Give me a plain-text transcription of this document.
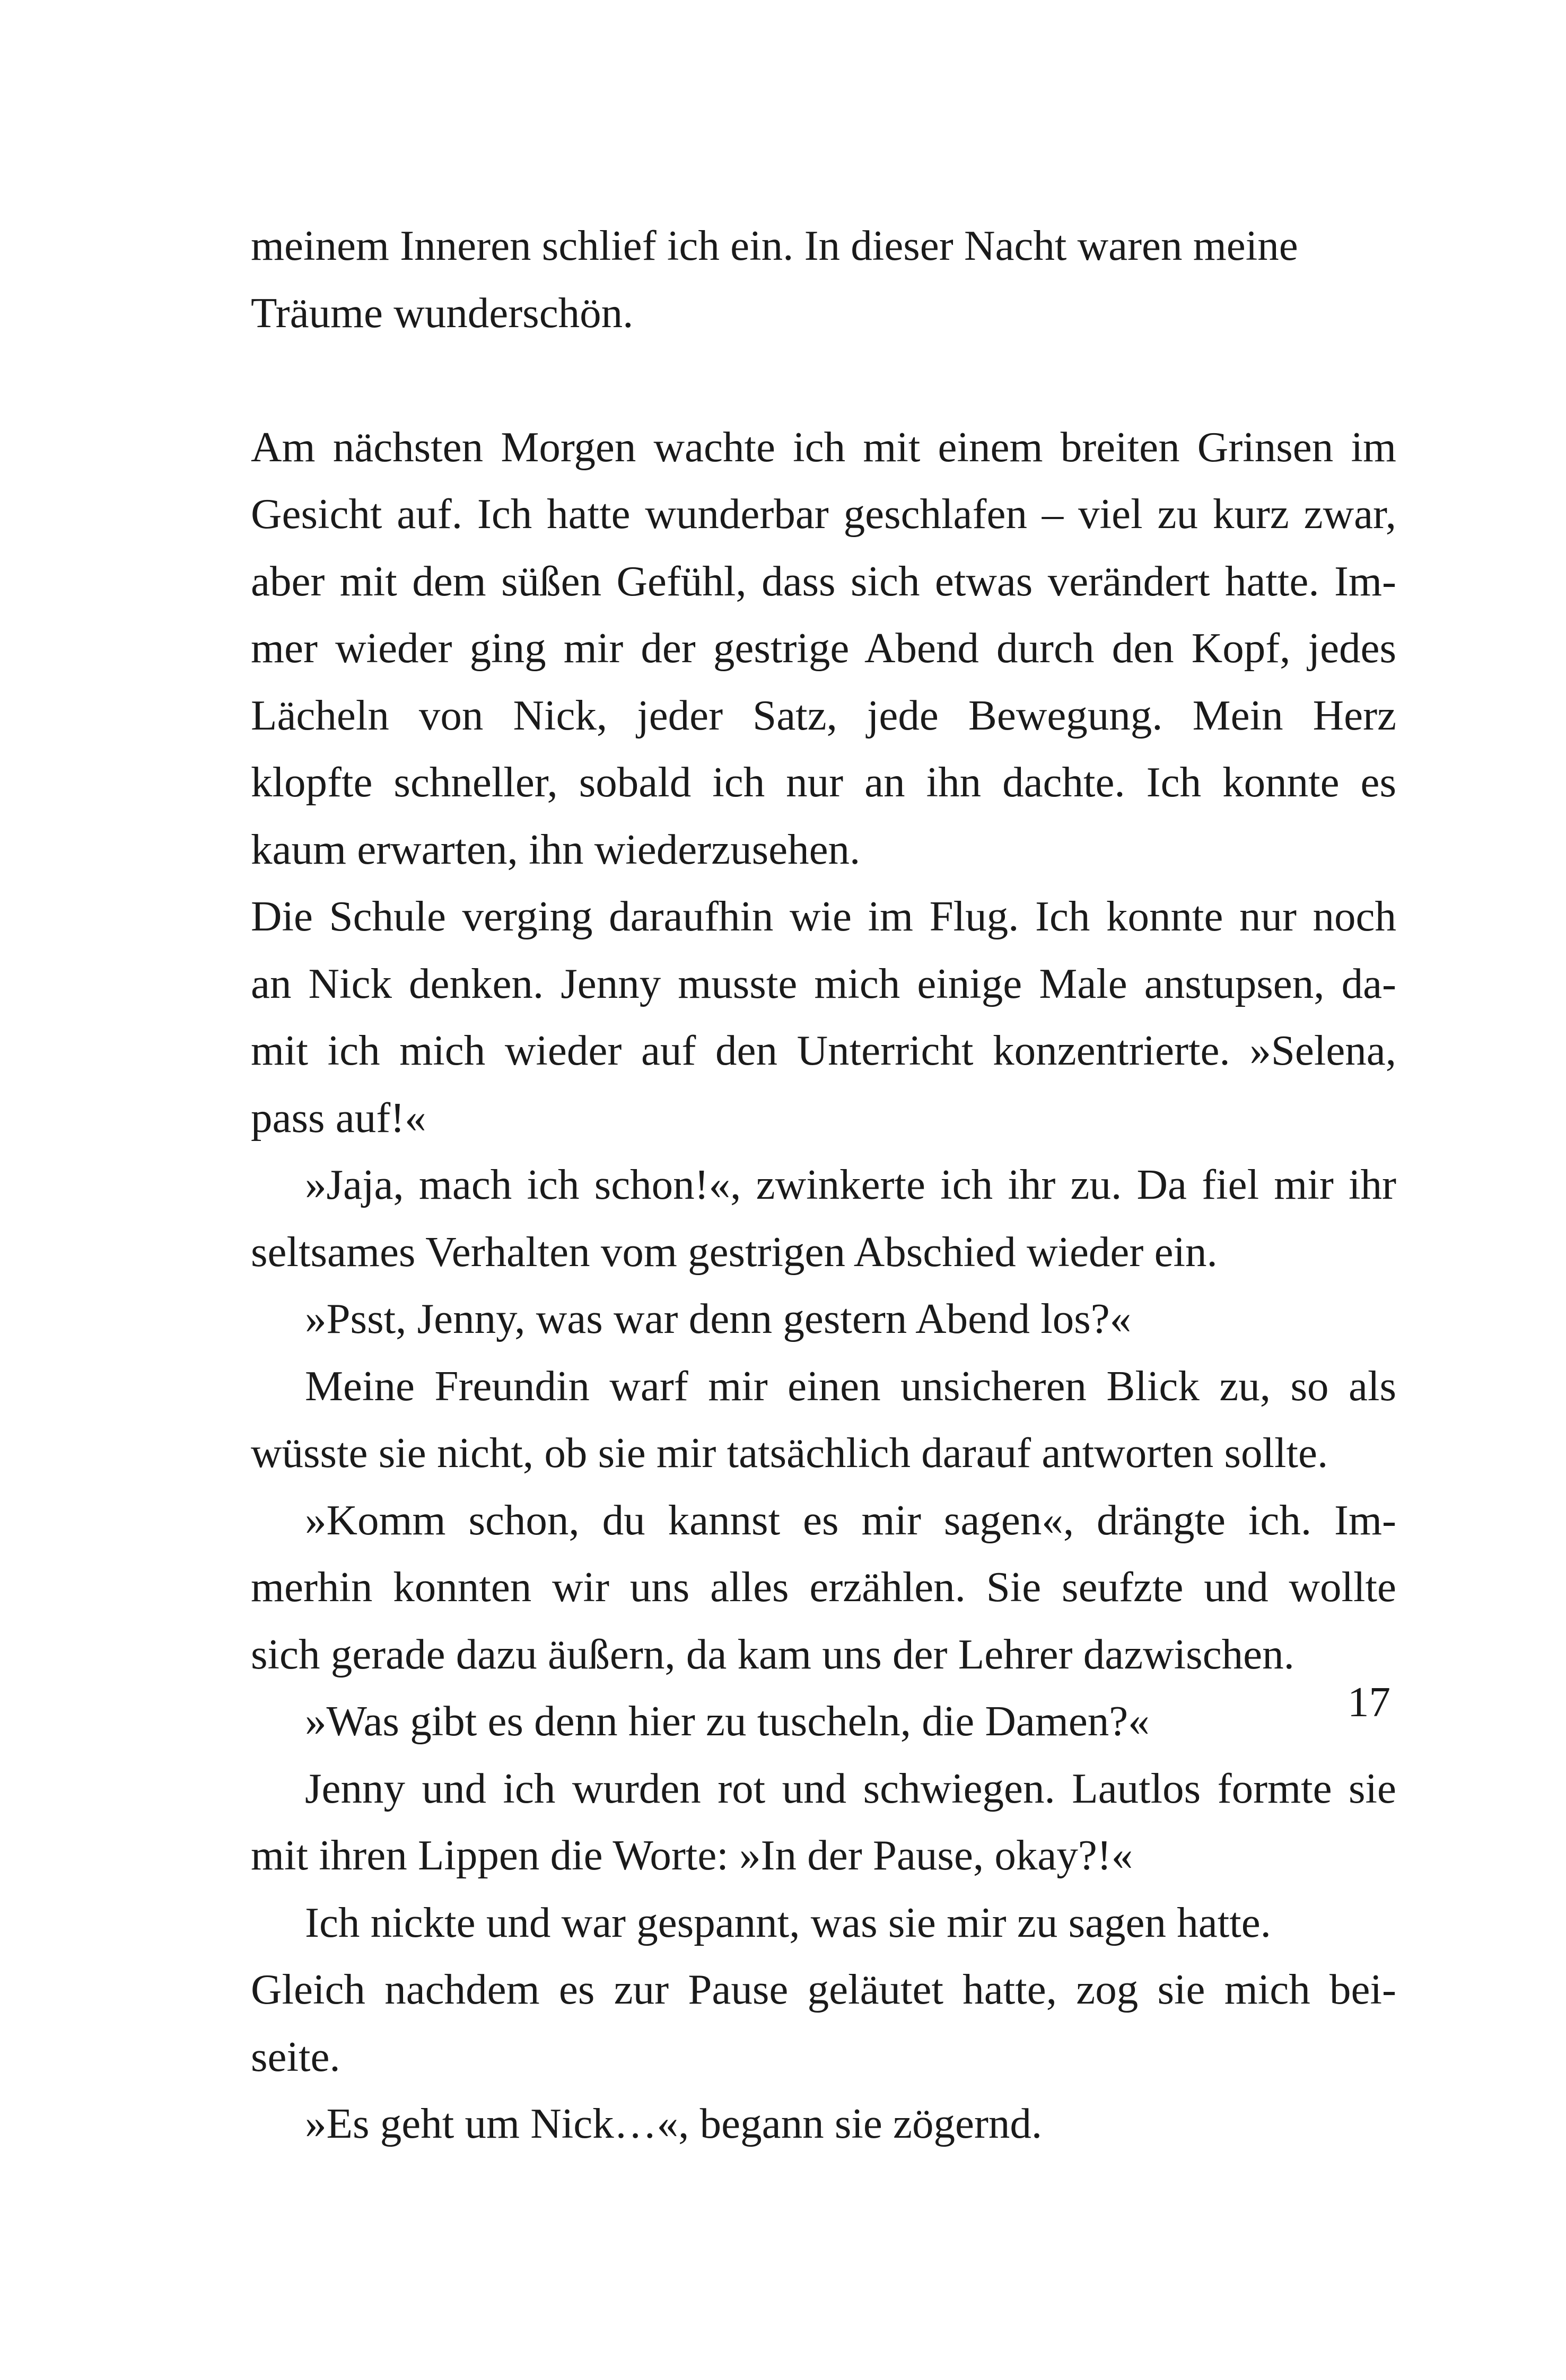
meinem Inneren schlief ich ein. In dieser Nacht waren meine
Träume wunderschön.
Am nächsten Morgen wachte ich mit einem breiten Grinsen im
Gesicht auf. Ich hatte wunderbar geschlafen – viel zu kurz zwar,
aber mit dem süßen Gefühl, dass sich etwas verändert hatte. Im-
mer wieder ging mir der gestrige Abend durch den Kopf, jedes
Lächeln von Nick, jeder Satz, jede Bewegung. Mein Herz
klopfte schneller, sobald ich nur an ihn dachte. Ich konnte es
kaum erwarten, ihn wiederzusehen.
Die Schule verging daraufhin wie im Flug. Ich konnte nur noch
an Nick denken. Jenny musste mich einige Male anstupsen, da-
mit ich mich wieder auf den Unterricht konzentrierte. »Selena,
pass auf!«
»Jaja, mach ich schon!«, zwinkerte ich ihr zu. Da fiel mir ihr
seltsames Verhalten vom gestrigen Abschied wieder ein.
»Psst, Jenny, was war denn gestern Abend los?«
Meine Freundin warf mir einen unsicheren Blick zu, so als
wüsste sie nicht, ob sie mir tatsächlich darauf antworten sollte.
»Komm schon, du kannst es mir sagen«, drängte ich. Im-
merhin konnten wir uns alles erzählen. Sie seufzte und wollte
sich gerade dazu äußern, da kam uns der Lehrer dazwischen.
»Was gibt es denn hier zu tuscheln, die Damen?«
Jenny und ich wurden rot und schwiegen. Lautlos formte sie
mit ihren Lippen die Worte: »In der Pause, okay?!«
Ich nickte und war gespannt, was sie mir zu sagen hatte.
Gleich nachdem es zur Pause geläutet hatte, zog sie mich bei-
seite.
»Es geht um Nick…«, begann sie zögernd.
17
